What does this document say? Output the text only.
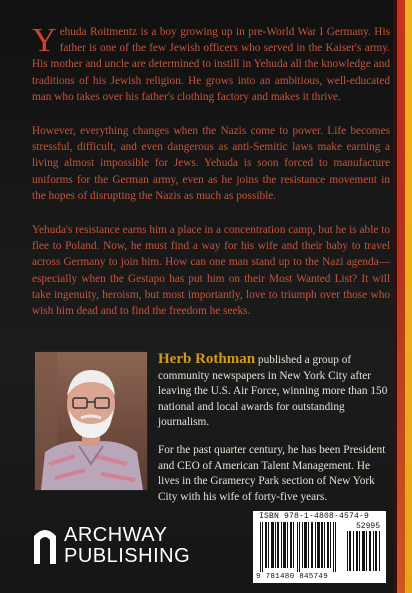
Yehuda Roitmentz is a boy growing up in pre-World War I Germany. His father is one of the few Jewish officers who served in the Kaiser's army. His mother and uncle are determined to instill in Yehuda all the knowledge and traditions of his Jewish religion. He grows into an ambitious, well-educated man who takes over his father's clothing factory and makes it thrive.

However, everything changes when the Nazis come to power. Life becomes stressful, difficult, and even dangerous as anti-Semitic laws make earning a living almost impossible for Jews. Yehuda is soon forced to manufacture uniforms for the German army, even as he joins the resistance movement in the hopes of disrupting the Nazis as much as possible.

Yehuda's resistance earns him a place in a concentration camp, but he is able to flee to Poland. Now, he must find a way for his wife and their baby to travel across Germany to join him. How can one man stand up to the Nazi agenda—especially when the Gestapo has put him on their Most Wanted List? It will take ingenuity, heroism, but most importantly, love to triumph over those who wish him dead and to find the freedom he seeks.

Herb Rothman published a group of community newspapers in New York City after leaving the U.S. Air Force, winning more than 150 national and local awards for outstanding journalism.

For the past quarter century, he has been President and CEO of American Talent Management. He lives in the Gramercy Park section of New York City with his wife of forty-five years.

ARCHWAY
PUBLISHING
ISBN 978-1-4808-4574-9
52995
9 781480 845749
